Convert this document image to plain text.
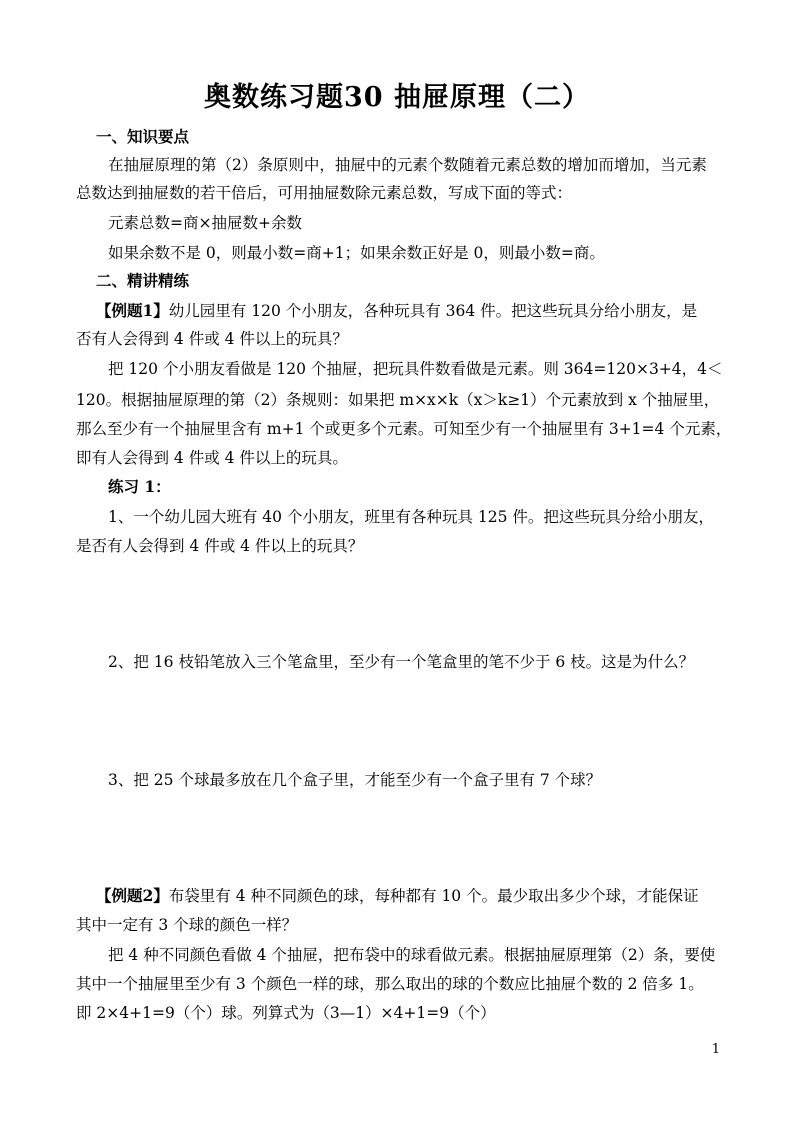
奥数练习题30 抽屉原理（二）
一、知识要点
在抽屉原理的第（2）条原则中，抽屉中的元素个数随着元素总数的增加而增加，当元素
总数达到抽屉数的若干倍后，可用抽屉数除元素总数，写成下面的等式：
元素总数=商×抽屉数+余数
如果余数不是 0，则最小数=商+1；如果余数正好是 0，则最小数=商。
二、精讲精练
【例题1】幼儿园里有 120 个小朋友，各种玩具有 364 件。把这些玩具分给小朋友，是
否有人会得到 4 件或 4 件以上的玩具？
把 120 个小朋友看做是 120 个抽屉，把玩具件数看做是元素。则 364=120×3+4，4＜
120。根据抽屉原理的第（2）条规则：如果把 m×x×k（x＞k≥1）个元素放到 x 个抽屉里，
那么至少有一个抽屉里含有 m+1 个或更多个元素。可知至少有一个抽屉里有 3+1=4 个元素，
即有人会得到 4 件或 4 件以上的玩具。
练习 1：
1、一个幼儿园大班有 40 个小朋友，班里有各种玩具 125 件。把这些玩具分给小朋友，
是否有人会得到 4 件或 4 件以上的玩具？
2、把 16 枝铅笔放入三个笔盒里，至少有一个笔盒里的笔不少于 6 枝。这是为什么？
3、把 25 个球最多放在几个盒子里，才能至少有一个盒子里有 7 个球？
【例题2】布袋里有 4 种不同颜色的球，每种都有 10 个。最少取出多少个球，才能保证
其中一定有 3 个球的颜色一样？
把 4 种不同颜色看做 4 个抽屉，把布袋中的球看做元素。根据抽屉原理第（2）条，要使
其中一个抽屉里至少有 3 个颜色一样的球，那么取出的球的个数应比抽屉个数的 2 倍多 1。
即 2×4+1=9（个）球。列算式为（3—1）×4+1=9（个）
1
